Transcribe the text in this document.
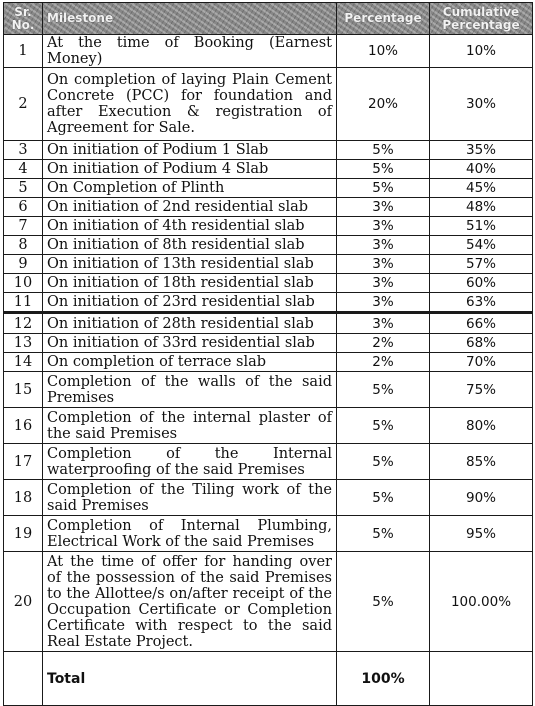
Sr. No.	Milestone	Percentage	Cumulative Percentage
1	At the time of Booking (Earnest Money)	10%	10%
2	On completion of laying Plain Cement Concrete (PCC) for foundation and after Execution & registration of Agreement for Sale.	20%	30%
3	On initiation of Podium 1 Slab	5%	35%
4	On initiation of Podium 4 Slab	5%	40%
5	On Completion of Plinth	5%	45%
6	On initiation of 2nd residential slab	3%	48%
7	On initiation of 4th residential slab	3%	51%
8	On initiation of 8th residential slab	3%	54%
9	On initiation of 13th residential slab	3%	57%
10	On initiation of 18th residential slab	3%	60%
11	On initiation of 23rd residential slab	3%	63%
12	On initiation of 28th residential slab	3%	66%
13	On initiation of 33rd residential slab	2%	68%
14	On completion of terrace slab	2%	70%
15	Completion of the walls of the said Premises	5%	75%
16	Completion of the internal plaster of the said Premises	5%	80%
17	Completion of the Internal waterproofing of the said Premises	5%	85%
18	Completion of the Tiling work of the said Premises	5%	90%
19	Completion of Internal Plumbing, Electrical Work of the said Premises	5%	95%
20	At the time of offer for handing over of the possession of the said Premises to the Allottee/s on/after receipt of the Occupation Certificate or Completion Certificate with respect to the said Real Estate Project.	5%	100.00%
	Total	100%	
